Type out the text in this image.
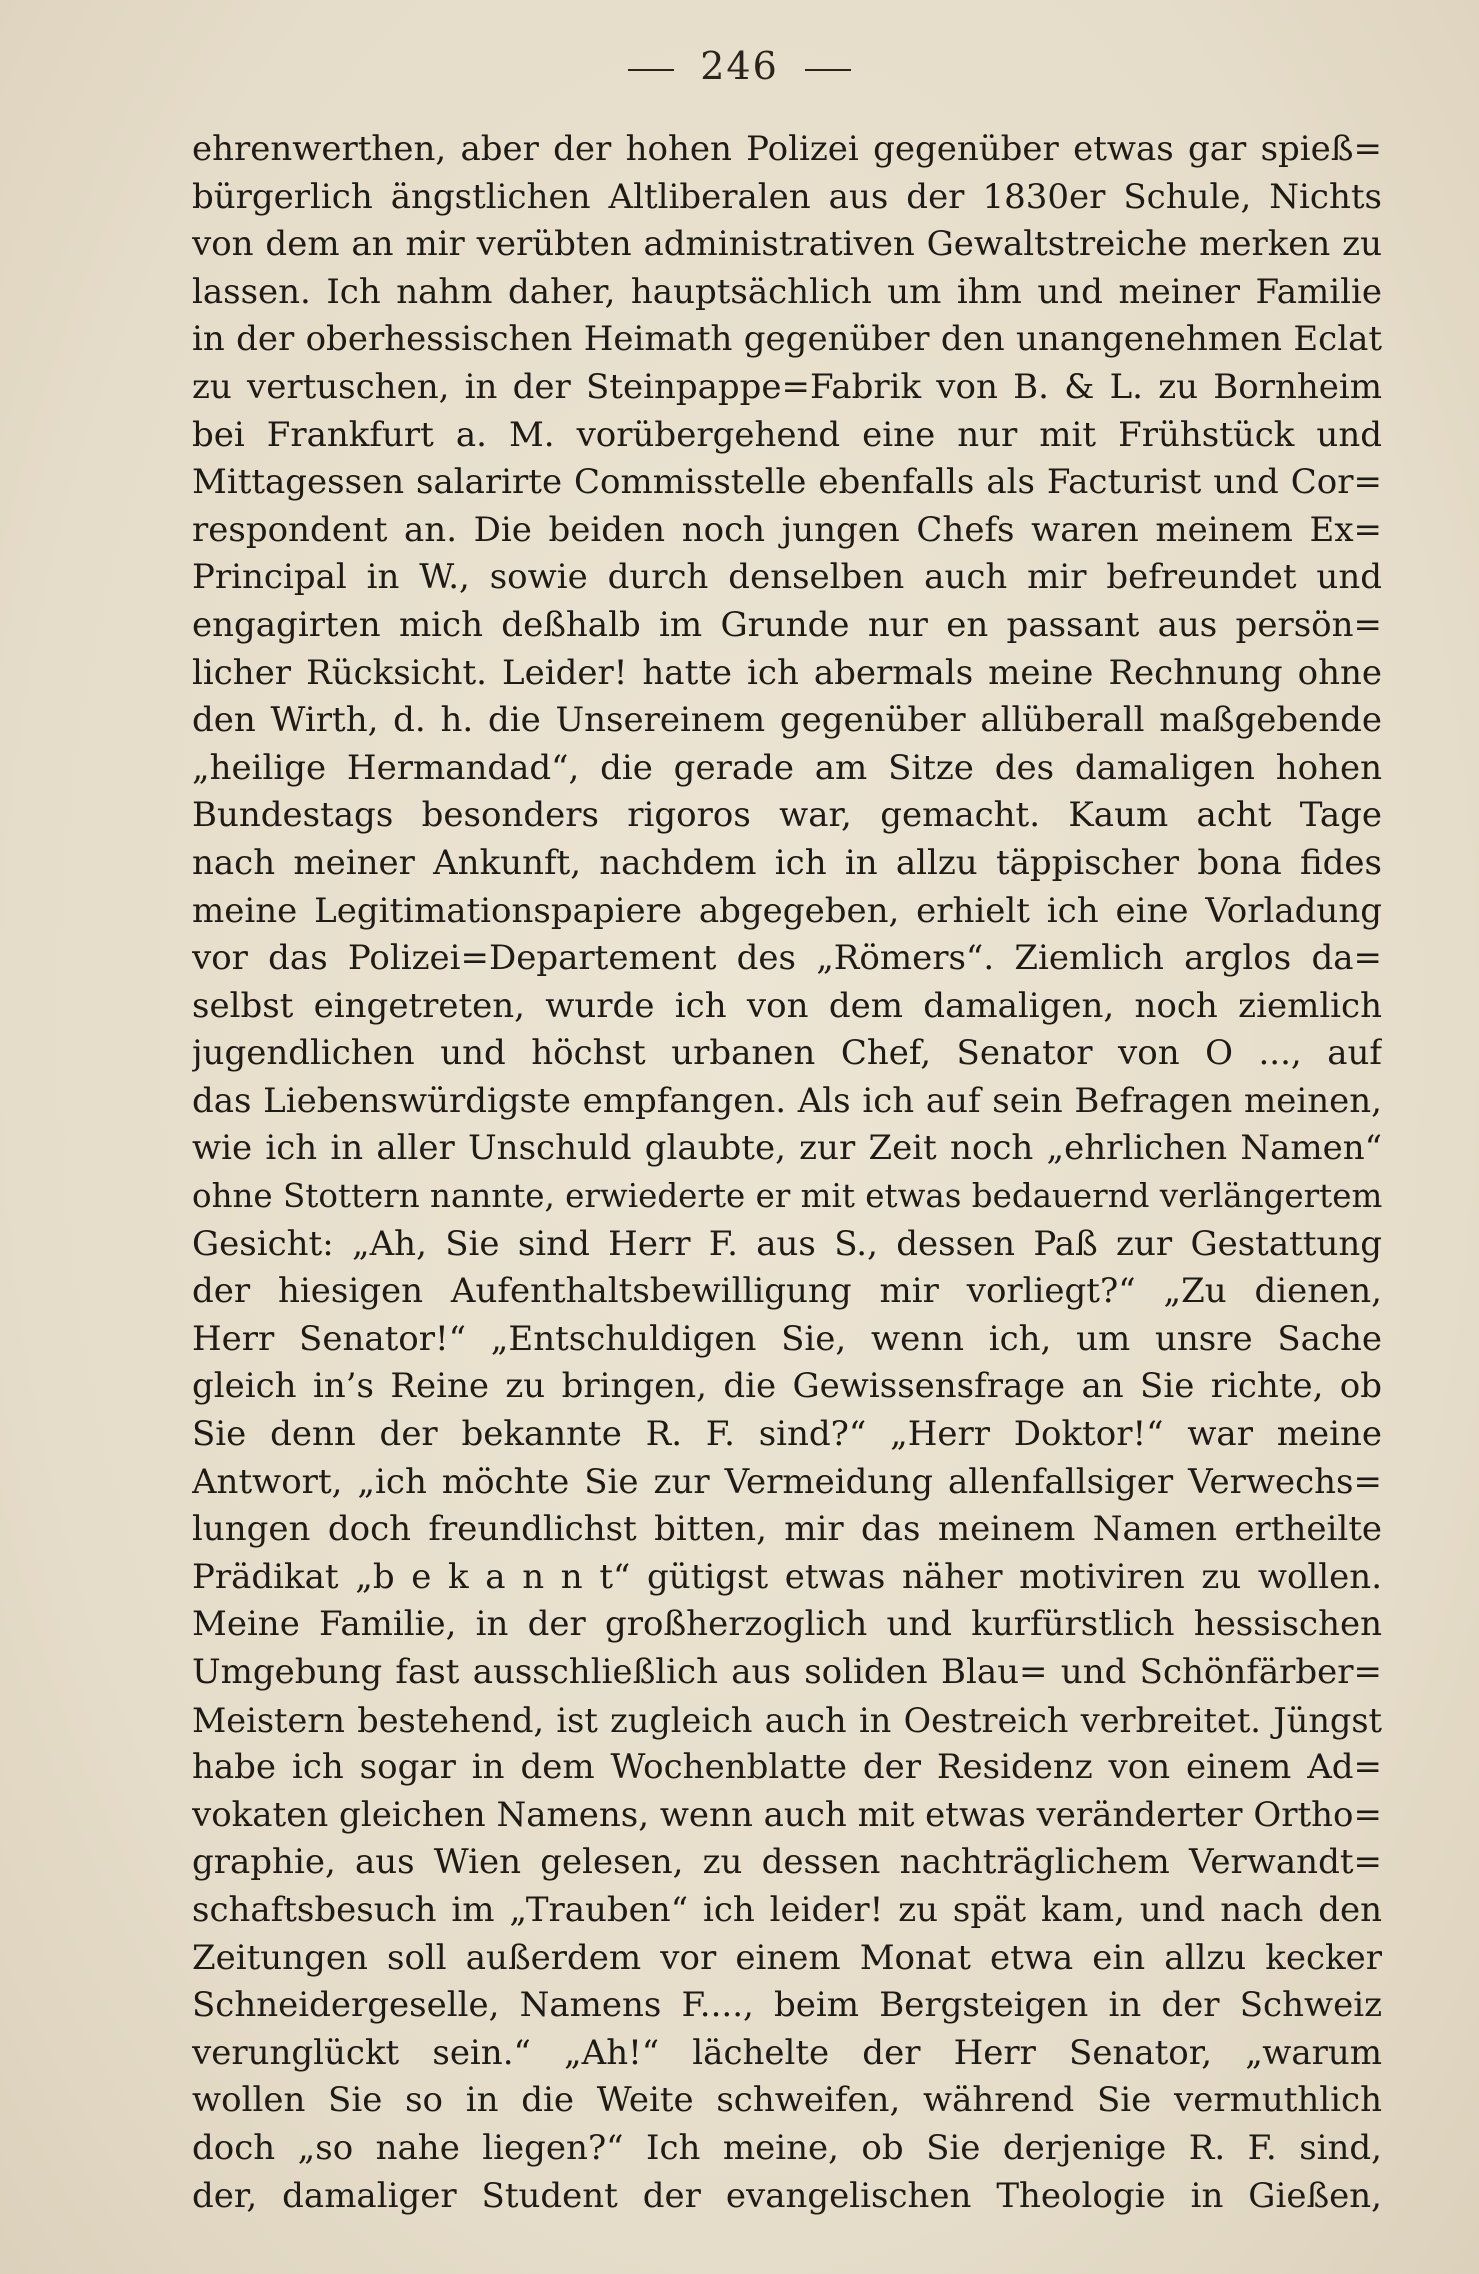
246
ehrenwerthen, aber der hohen Polizei gegenüber etwas gar spieß=
bürgerlich ängstlichen Altliberalen aus der 1830er Schule, Nichts
von dem an mir verübten administrativen Gewaltstreiche merken zu
lassen. Ich nahm daher, hauptsächlich um ihm und meiner Familie
in der oberhessischen Heimath gegenüber den unangenehmen Eclat
zu vertuschen, in der Steinpappe=Fabrik von B. & L. zu Bornheim
bei Frankfurt a. M. vorübergehend eine nur mit Frühstück und
Mittagessen salarirte Commisstelle ebenfalls als Facturist und Cor=
respondent an. Die beiden noch jungen Chefs waren meinem Ex=
Principal in W., sowie durch denselben auch mir befreundet und
engagirten mich deßhalb im Grunde nur en passant aus persön=
licher Rücksicht. Leider! hatte ich abermals meine Rechnung ohne
den Wirth, d. h. die Unsereinem gegenüber allüberall maßgebende
„heilige Hermandad“, die gerade am Sitze des damaligen hohen
Bundestags besonders rigoros war, gemacht. Kaum acht Tage
nach meiner Ankunft, nachdem ich in allzu täppischer bona fides
meine Legitimationspapiere abgegeben, erhielt ich eine Vorladung
vor das Polizei=Departement des „Römers“. Ziemlich arglos da=
selbst eingetreten, wurde ich von dem damaligen, noch ziemlich
jugendlichen und höchst urbanen Chef, Senator von O ..., auf
das Liebenswürdigste empfangen. Als ich auf sein Befragen meinen,
wie ich in aller Unschuld glaubte, zur Zeit noch „ehrlichen Namen“
ohne Stottern nannte, erwiederte er mit etwas bedauernd verlängertem
Gesicht: „Ah, Sie sind Herr F. aus S., dessen Paß zur Gestattung
der hiesigen Aufenthaltsbewilligung mir vorliegt?“ „Zu dienen,
Herr Senator!“ „Entschuldigen Sie, wenn ich, um unsre Sache
gleich in’s Reine zu bringen, die Gewissensfrage an Sie richte, ob
Sie denn der bekannte R. F. sind?“ „Herr Doktor!“ war meine
Antwort, „ich möchte Sie zur Vermeidung allenfallsiger Verwechs=
lungen doch freundlichst bitten, mir das meinem Namen ertheilte
Prädikat „b e k a n n t“ gütigst etwas näher motiviren zu wollen.
Meine Familie, in der großherzoglich und kurfürstlich hessischen
Umgebung fast ausschließlich aus soliden Blau= und Schönfärber=
Meistern bestehend, ist zugleich auch in Oestreich verbreitet. Jüngst
habe ich sogar in dem Wochenblatte der Residenz von einem Ad=
vokaten gleichen Namens, wenn auch mit etwas veränderter Ortho=
graphie, aus Wien gelesen, zu dessen nachträglichem Verwandt=
schaftsbesuch im „Trauben“ ich leider! zu spät kam, und nach den
Zeitungen soll außerdem vor einem Monat etwa ein allzu kecker
Schneidergeselle, Namens F...., beim Bergsteigen in der Schweiz
verunglückt sein.“ „Ah!“ lächelte der Herr Senator, „warum
wollen Sie so in die Weite schweifen, während Sie vermuthlich
doch „so nahe liegen?“ Ich meine, ob Sie derjenige R. F. sind,
der, damaliger Student der evangelischen Theologie in Gießen,
